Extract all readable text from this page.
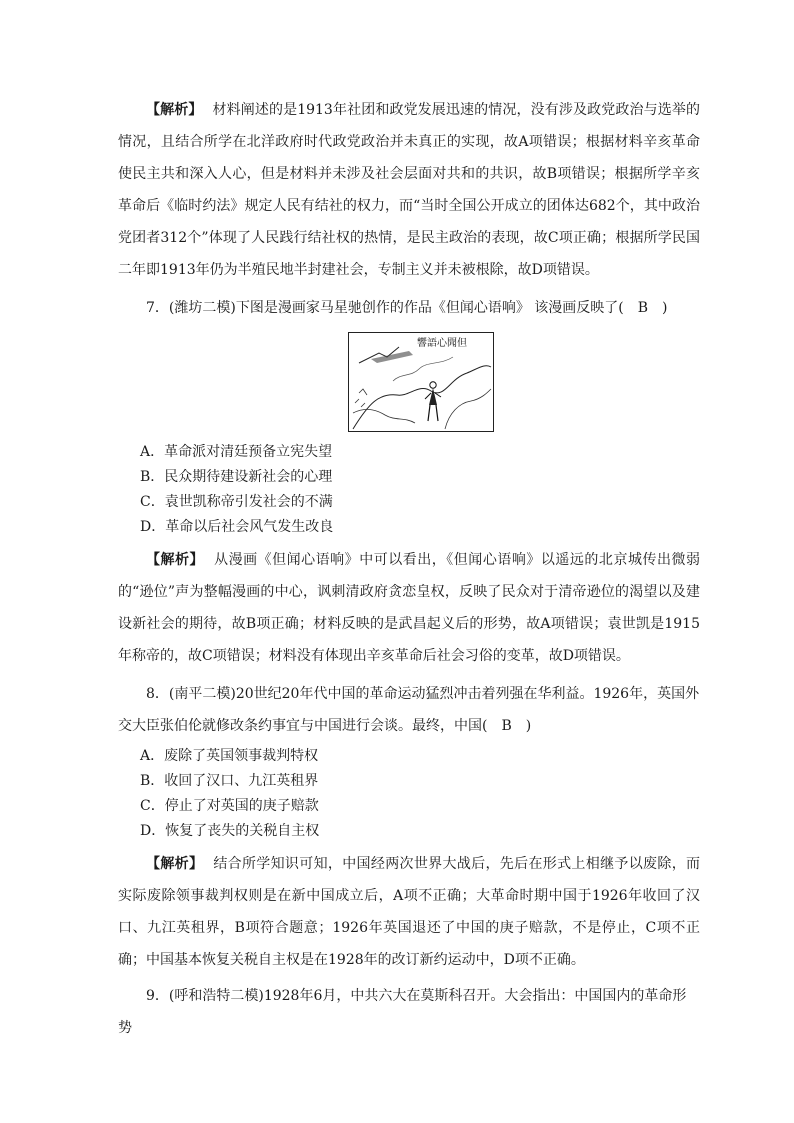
【解析】 材料阐述的是1913年社团和政党发展迅速的情况，没有涉及政党政治与选举的情况，且结合所学在北洋政府时代政党政治并未真正的实现，故A项错误；根据材料辛亥革命使民主共和深入人心，但是材料并未涉及社会层面对共和的共识，故B项错误；根据所学辛亥革命后《临时约法》规定人民有结社的权力，而“当时全国公开成立的团体达682个，其中政治党团者312个”体现了人民践行结社权的热情，是民主政治的表现，故C项正确；根据所学民国二年即1913年仍为半殖民地半封建社会，专制主义并未被根除，故D项错误。

7．(潍坊二模)下图是漫画家马星驰创作的作品《但闻心语响》 该漫画反映了(　B　)

響語心聞但

A．革命派对清廷预备立宪失望

B．民众期待建设新社会的心理

C．袁世凯称帝引发社会的不满

D．革命以后社会风气发生改良

【解析】 从漫画《但闻心语响》中可以看出，《但闻心语响》以遥远的北京城传出微弱的“逊位”声为整幅漫画的中心，讽刺清政府贪恋皇权，反映了民众对于清帝逊位的渴望以及建设新社会的期待，故B项正确；材料反映的是武昌起义后的形势，故A项错误；袁世凯是1915年称帝的，故C项错误；材料没有体现出辛亥革命后社会习俗的变革，故D项错误。

8．(南平二模)20世纪20年代中国的革命运动猛烈冲击着列强在华利益。1926年，英国外交大臣张伯伦就修改条约事宜与中国进行会谈。最终，中国(　B　)

A．废除了英国领事裁判特权

B．收回了汉口、九江英租界

C．停止了对英国的庚子赔款

D．恢复了丧失的关税自主权

【解析】 结合所学知识可知，中国经两次世界大战后，先后在形式上相继予以废除，而实际废除领事裁判权则是在新中国成立后，A项不正确；大革命时期中国于1926年收回了汉口、九江英租界，B项符合题意；1926年英国退还了中国的庚子赔款，不是停止，C项不正确；中国基本恢复关税自主权是在1928年的改订新约运动中，D项不正确。

9．(呼和浩特二模)1928年6月，中共六大在莫斯科召开。大会指出：中国国内的革命形势
